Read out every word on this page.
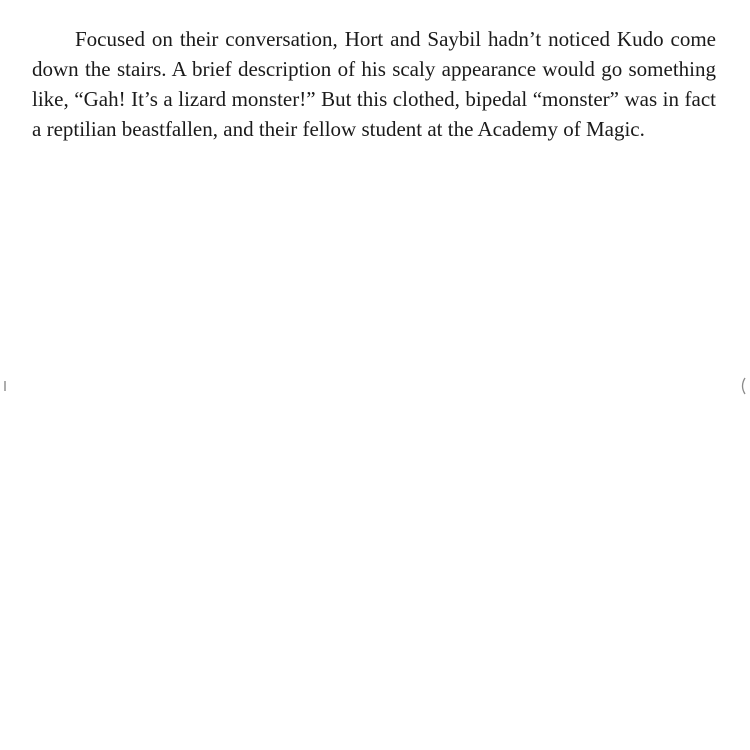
Focused on their conversation, Hort and Saybil hadn’t noticed Kudo come down the stairs. A brief description of his scaly appearance would go something like, “Gah! It’s a lizard monster!” But this clothed, bipedal “monster” was in fact a reptilian beastfallen, and their fellow student at the Academy of Magic.
